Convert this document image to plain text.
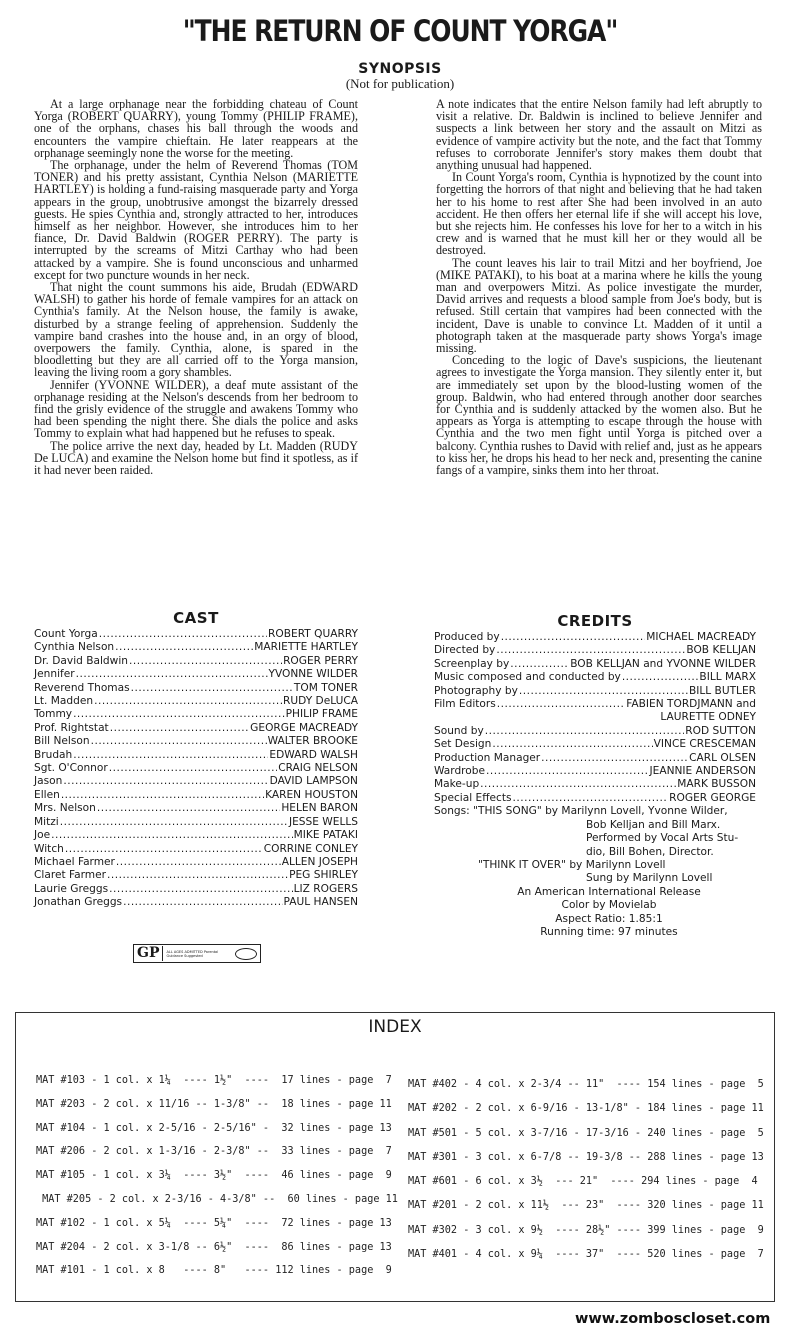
"THE RETURN OF COUNT YORGA"
SYNOPSIS
(Not for publication)

At a large orphanage near the forbidding chateau of Count Yorga (ROBERT QUARRY), young Tommy (PHILIP FRAME), one of the orphans, chases his ball through the woods and encounters the vampire chieftain. He later reappears at the orphanage seemingly none the worse for the meeting.

The orphanage, under the helm of Reverend Thomas (TOM TONER) and his pretty assistant, Cynthia Nelson (MARIETTE HARTLEY) is holding a fund-raising masquerade party and Yorga appears in the group, unobtrusive amongst the bizarrely dressed guests. He spies Cynthia and, strongly attracted to her, introduces himself as her neighbor. However, she introduces him to her fiance, Dr. David Baldwin (ROGER PERRY). The party is interrupted by the screams of Mitzi Carthay who had been attacked by a vampire. She is found unconscious and unharmed except for two puncture wounds in her neck.

That night the count summons his aide, Brudah (EDWARD WALSH) to gather his horde of female vampires for an attack on Cynthia's family. At the Nelson house, the family is awake, disturbed by a strange feeling of apprehension. Suddenly the vampire band crashes into the house and, in an orgy of blood, overpowers the family. Cynthia, alone, is spared in the bloodletting but they are all carried off to the Yorga mansion, leaving the living room a gory shambles.

Jennifer (YVONNE WILDER), a deaf mute assistant of the orphanage residing at the Nelson's descends from her bedroom to find the grisly evidence of the struggle and awakens Tommy who had been spending the night there. She dials the police and asks Tommy to explain what had happened but he refuses to speak.

The police arrive the next day, headed by Lt. Madden (RUDY De LUCA) and examine the Nelson home but find it spotless, as if it had never been raided.

A note indicates that the entire Nelson family had left abruptly to visit a relative. Dr. Baldwin is inclined to believe Jennifer and suspects a link between her story and the assault on Mitzi as evidence of vampire activity but the note, and the fact that Tommy refuses to corroborate Jennifer's story makes them doubt that anything unusual had happened.

In Count Yorga's room, Cynthia is hypnotized by the count into forgetting the horrors of that night and believing that he had taken her to his home to rest after She had been involved in an auto accident. He then offers her eternal life if she will accept his love, but she rejects him. He confesses his love for her to a witch in his crew and is warned that he must kill her or they would all be destroyed.

The count leaves his lair to trail Mitzi and her boyfriend, Joe (MIKE PATAKI), to his boat at a marina where he kills the young man and overpowers Mitzi. As police investigate the murder, David arrives and requests a blood sample from Joe's body, but is refused. Still certain that vampires had been connected with the incident, Dave is unable to convince Lt. Madden of it until a photograph taken at the masquerade party shows Yorga's image missing.

Conceding to the logic of Dave's suspicions, the lieutenant agrees to investigate the Yorga mansion. They silently enter it, but are immediately set upon by the blood-lusting women of the group. Baldwin, who had entered through another door searches for Cynthia and is suddenly attacked by the women also. But he appears as Yorga is attempting to escape through the house with Cynthia and the two men fight until Yorga is pitched over a balcony. Cynthia rushes to David with relief and, just as he appears to kiss her, he drops his head to her neck and, presenting the canine fangs of a vampire, sinks them into her throat.

CAST
Count Yorga
.....	ROBERT QUARRY
Cynthia Nelson
.....	MARIETTE HARTLEY
Dr. David Baldwin
.....	ROGER PERRY
Jennifer
.....	YVONNE WILDER
Reverend Thomas
.....	TOM TONER
Lt. Madden
.....	RUDY DeLUCA
Tommy
.....	PHILIP FRAME
Prof. Rightstat
.....	GEORGE MACREADY
Bill Nelson
.....	WALTER BROOKE
Brudah
.....	EDWARD WALSH
Sgt. O'Connor
.....	CRAIG NELSON
Jason
.....	DAVID LAMPSON
Ellen
.....	KAREN HOUSTON
Mrs. Nelson
.....	HELEN BARON
Mitzi
.....	JESSE WELLS
Joe
.....	MIKE PATAKI
Witch
.....	CORRINE CONLEY
Michael Farmer
.....	ALLEN JOSEPH
Claret Farmer
.....	PEG SHIRLEY
Laurie Greggs
.....	LIZ ROGERS
Jonathan Greggs
.....	PAUL HANSEN
GP	ALL AGES ADMITTED Parental Guidance Suggested
CREDITS
Produced by
.....	MICHAEL MACREADY
Directed by
.....	BOB KELLJAN
Screenplay by
.....	BOB KELLJAN and YVONNE WILDER
Music composed and conducted by
.....	BILL MARX
Photography by
.....	BILL BUTLER
Film Editors
.....	FABIEN TORDJMANN and
LAURETTE ODNEY
Sound by
.....	ROD SUTTON
Set Design
.....	VINCE CRESCEMAN
Production Manager
.....	CARL OLSEN
Wardrobe
.....	JEANNIE ANDERSON
Make-up
.....	MARK BUSSON
Special Effects
.....	ROGER GEORGE
Songs: "THIS SONG" by Marilynn Lovell, Yvonne Wilder,
Bob Kelljan and Bill Marx.
Performed by Vocal Arts Stu-
dio, Bill Bohen, Director.
"THINK IT OVER" by Marilynn Lovell
Sung by Marilynn Lovell
An American International Release
Color by Movielab
Aspect Ratio: 1.85:1
Running time: 97 minutes
INDEX
MAT #103 - 1 col. x 1¼  ---- 1½"  ----  17 lines - page  7
MAT #203 - 2 col. x 11/16 -- 1-3/8" --  18 lines - page 11
MAT #104 - 1 col. x 2-5/16 - 2-5/16" -  32 lines - page 13
MAT #206 - 2 col. x 1-3/16 - 2-3/8" --  33 lines - page  7
MAT #105 - 1 col. x 3¼  ---- 3½"  ----  46 lines - page  9
MAT #205 - 2 col. x 2-3/16 - 4-3/8" --  60 lines - page 11
MAT #102 - 1 col. x 5¼  ---- 5¼"  ----  72 lines - page 13
MAT #204 - 2 col. x 3-1/8 -- 6½"  ----  86 lines - page 13
MAT #101 - 1 col. x 8   ---- 8"   ---- 112 lines - page  9
MAT #402 - 4 col. x 2-3/4 -- 11"  ---- 154 lines - page  5
MAT #202 - 2 col. x 6-9/16 - 13-1/8" - 184 lines - page 11
MAT #501 - 5 col. x 3-7/16 - 17-3/16 - 240 lines - page  5
MAT #301 - 3 col. x 6-7/8 -- 19-3/8 -- 288 lines - page 13
MAT #601 - 6 col. x 3½  --- 21"  ---- 294 lines - page  4
MAT #201 - 2 col. x 11½  --- 23"  ---- 320 lines - page 11
MAT #302 - 3 col. x 9½  ---- 28½" ---- 399 lines - page  9
MAT #401 - 4 col. x 9¼  ---- 37"  ---- 520 lines - page  7
www.zomboscloset.com
